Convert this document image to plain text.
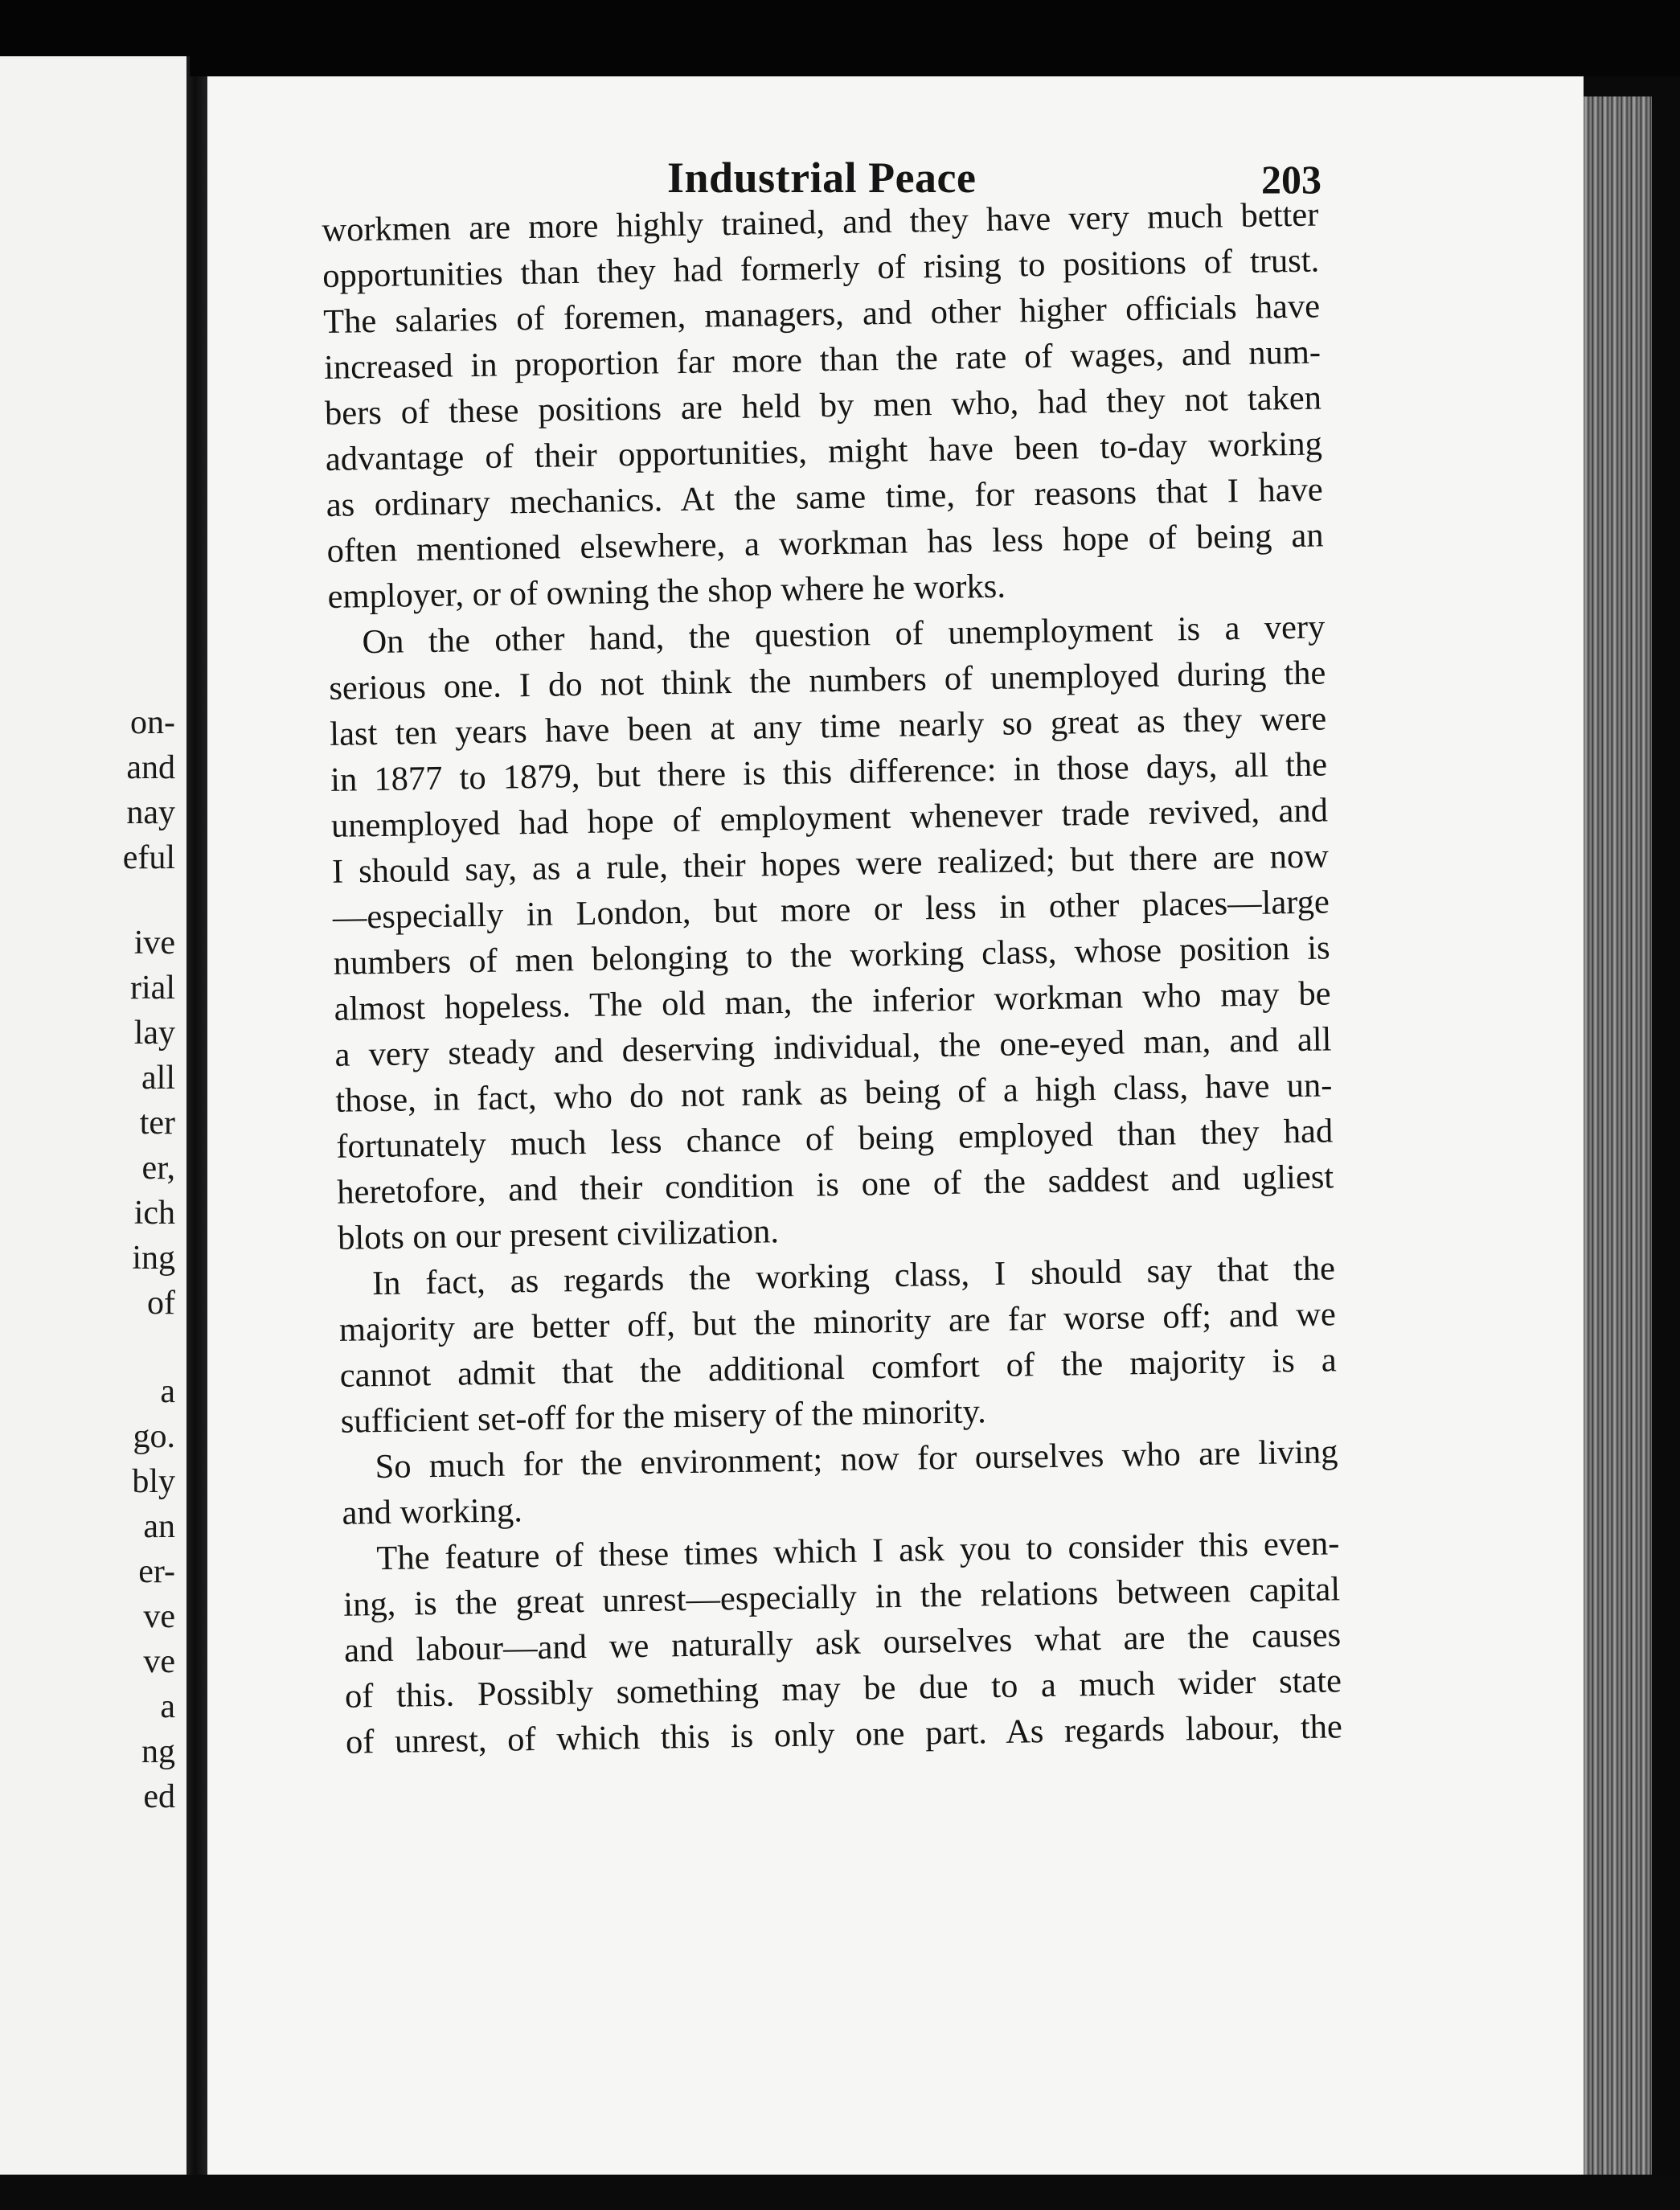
on-
and
nay
eful
ive
rial
lay
all
ter
er,
ich
ing
of
a
go.
bly
an
er-
ve
ve
a
ng
ed
Industrial Peace	203
workmen are more highly trained, and they have very much better
opportunities than they had formerly of rising to positions of trust.
The salaries of foremen, managers, and other higher officials have
increased in proportion far more than the rate of wages, and num-
bers of these positions are held by men who, had they not taken
advantage of their opportunities, might have been to-day working
as ordinary mechanics. At the same time, for reasons that I have
often mentioned elsewhere, a workman has less hope of being an
employer, or of owning the shop where he works.
On the other hand, the question of unemployment is a very
serious one. I do not think the numbers of unemployed during the
last ten years have been at any time nearly so great as they were
in 1877 to 1879, but there is this difference: in those days, all the
unemployed had hope of employment whenever trade revived, and
I should say, as a rule, their hopes were realized; but there are now
—especially in London, but more or less in other places—large
numbers of men belonging to the working class, whose position is
almost hopeless. The old man, the inferior workman who may be
a very steady and deserving individual, the one-eyed man, and all
those, in fact, who do not rank as being of a high class, have un-
fortunately much less chance of being employed than they had
heretofore, and their condition is one of the saddest and ugliest
blots on our present civilization.
In fact, as regards the working class, I should say that the
majority are better off, but the minority are far worse off; and we
cannot admit that the additional comfort of the majority is a
sufficient set-off for the misery of the minority.
So much for the environment; now for ourselves who are living
and working.
The feature of these times which I ask you to consider this even-
ing, is the great unrest—especially in the relations between capital
and labour—and we naturally ask ourselves what are the causes
of this. Possibly something may be due to a much wider state
of unrest, of which this is only one part. As regards labour, the
